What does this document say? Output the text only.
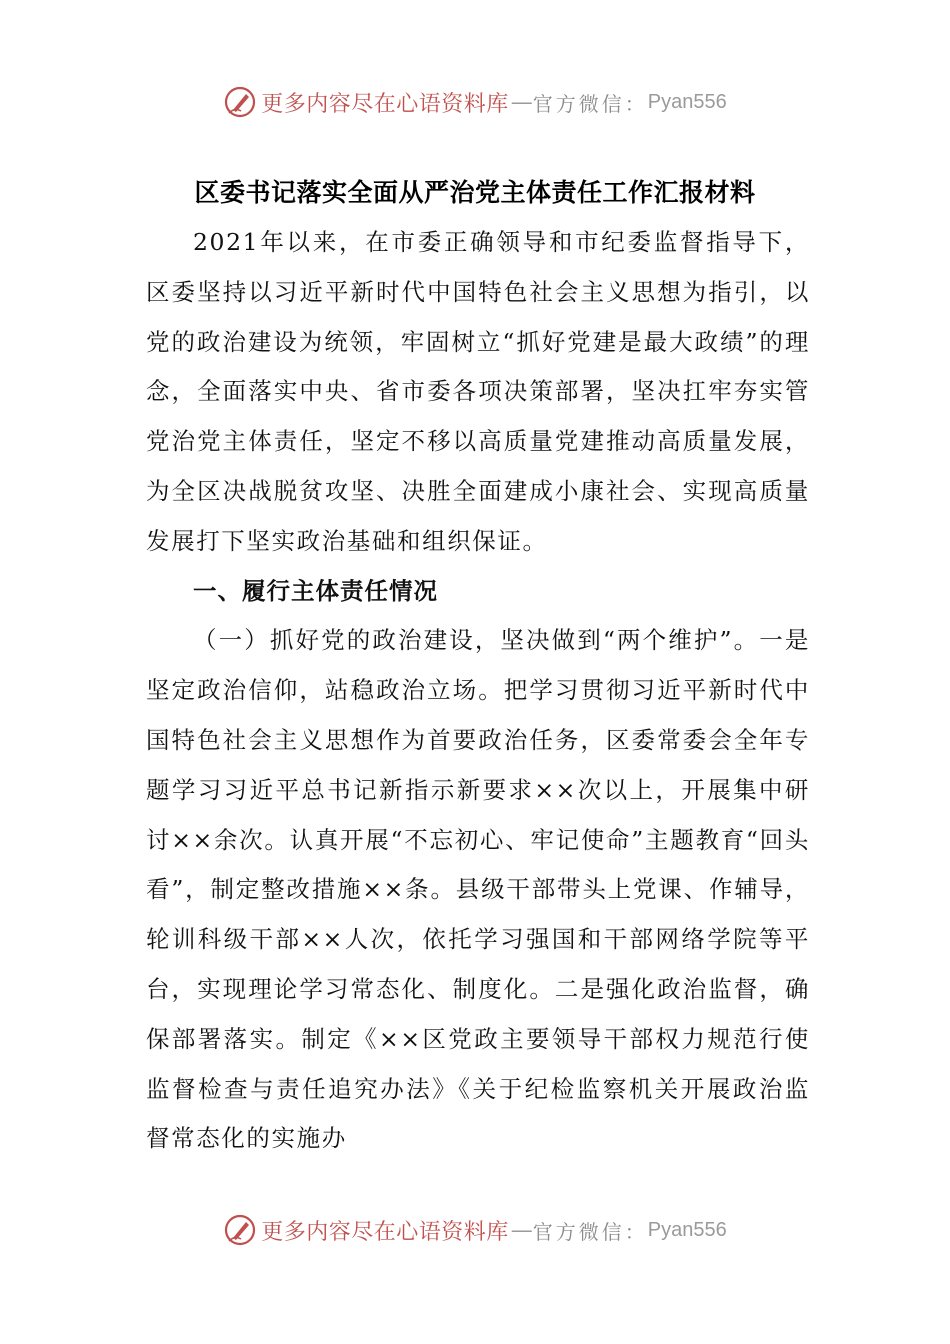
更多内容尽在心语资料库 — 官方微信： Pyan556
区委书记落实全面从严治党主体责任工作汇报材料

2021年以来，在市委正确领导和市纪委监督指导下，区委坚持以习近平新时代中国特色社会主义思想为指引，以党的政治建设为统领，牢固树立“抓好党建是最大政绩”的理念，全面落实中央、省市委各项决策部署，坚决扛牢夯实管党治党主体责任，坚定不移以高质量党建推动高质量发展，为全区决战脱贫攻坚、决胜全面建成小康社会、实现高质量发展打下坚实政治基础和组织保证。

一、履行主体责任情况

（一）抓好党的政治建设，坚决做到“两个维护”。一是坚定政治信仰，站稳政治立场。把学习贯彻习近平新时代中国特色社会主义思想作为首要政治任务，区委常委会全年专题学习习近平总书记新指示新要求××次以上，开展集中研讨××余次。认真开展“不忘初心、牢记使命”主题教育“回头看”，制定整改措施××条。县级干部带头上党课、作辅导，轮训科级干部××人次，依托学习强国和干部网络学院等平台，实现理论学习常态化、制度化。二是强化政治监督，确保部署落实。制定《××区党政主要领导干部权力规范行使监督检查与责任追究办法》《关于纪检监察机关开展政治监督常态化的实施办

更多内容尽在心语资料库 — 官方微信： Pyan556
